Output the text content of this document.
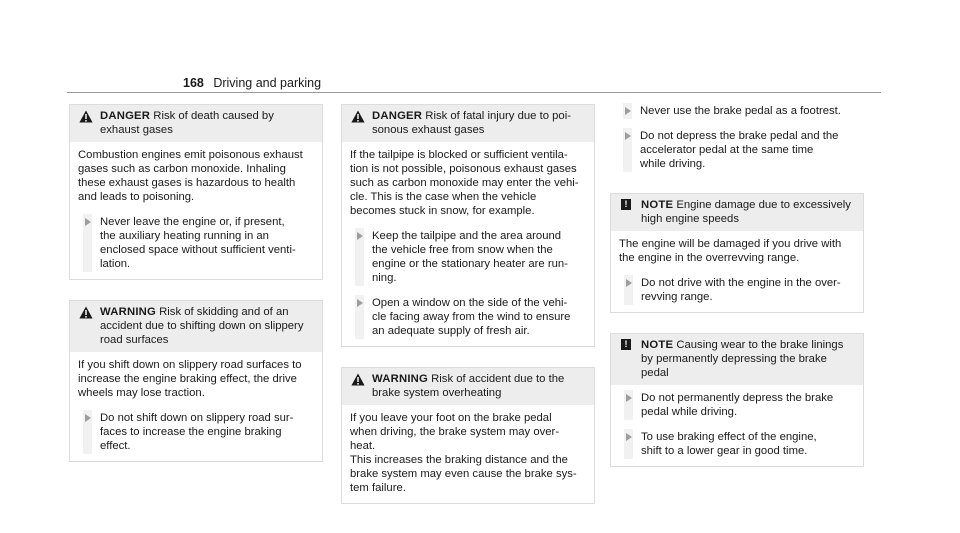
168 Driving and parking
DANGER Risk of death caused by
exhaust gases

Combustion engines emit poisonous exhaust
gases such as carbon monoxide. Inhaling
these exhaust gases is hazardous to health
and leads to poisoning.

Never leave the engine or, if present,
the auxiliary heating running in an
enclosed space without sufficient venti-
lation.
WARNING Risk of skidding and of an
accident due to shifting down on slippery
road surfaces

If you shift down on slippery road surfaces to
increase the engine braking effect, the drive
wheels may lose traction.

Do not shift down on slippery road sur-
faces to increase the engine braking
effect.
DANGER Risk of fatal injury due to poi-
sonous exhaust gases

If the tailpipe is blocked or sufficient ventila-
tion is not possible, poisonous exhaust gases
such as carbon monoxide may enter the vehi-
cle. This is the case when the vehicle
becomes stuck in snow, for example.

Keep the tailpipe and the area around
the vehicle free from snow when the
engine or the stationary heater are run-
ning.
Open a window on the side of the vehi-
cle facing away from the wind to ensure
an adequate supply of fresh air.
WARNING Risk of accident due to the
brake system overheating

If you leave your foot on the brake pedal
when driving, the brake system may over-
heat.
This increases the braking distance and the
brake system may even cause the brake sys-
tem failure.

Never use the brake pedal as a footrest.
Do not depress the brake pedal and the
accelerator pedal at the same time
while driving.
!	NOTE Engine damage due to excessively
high engine speeds

The engine will be damaged if you drive with
the engine in the overrevving range.

Do not drive with the engine in the over-
revving range.
!	NOTE Causing wear to the brake linings
by permanently depressing the brake
pedal
Do not permanently depress the brake
pedal while driving.
To use braking effect of the engine,
shift to a lower gear in good time.
